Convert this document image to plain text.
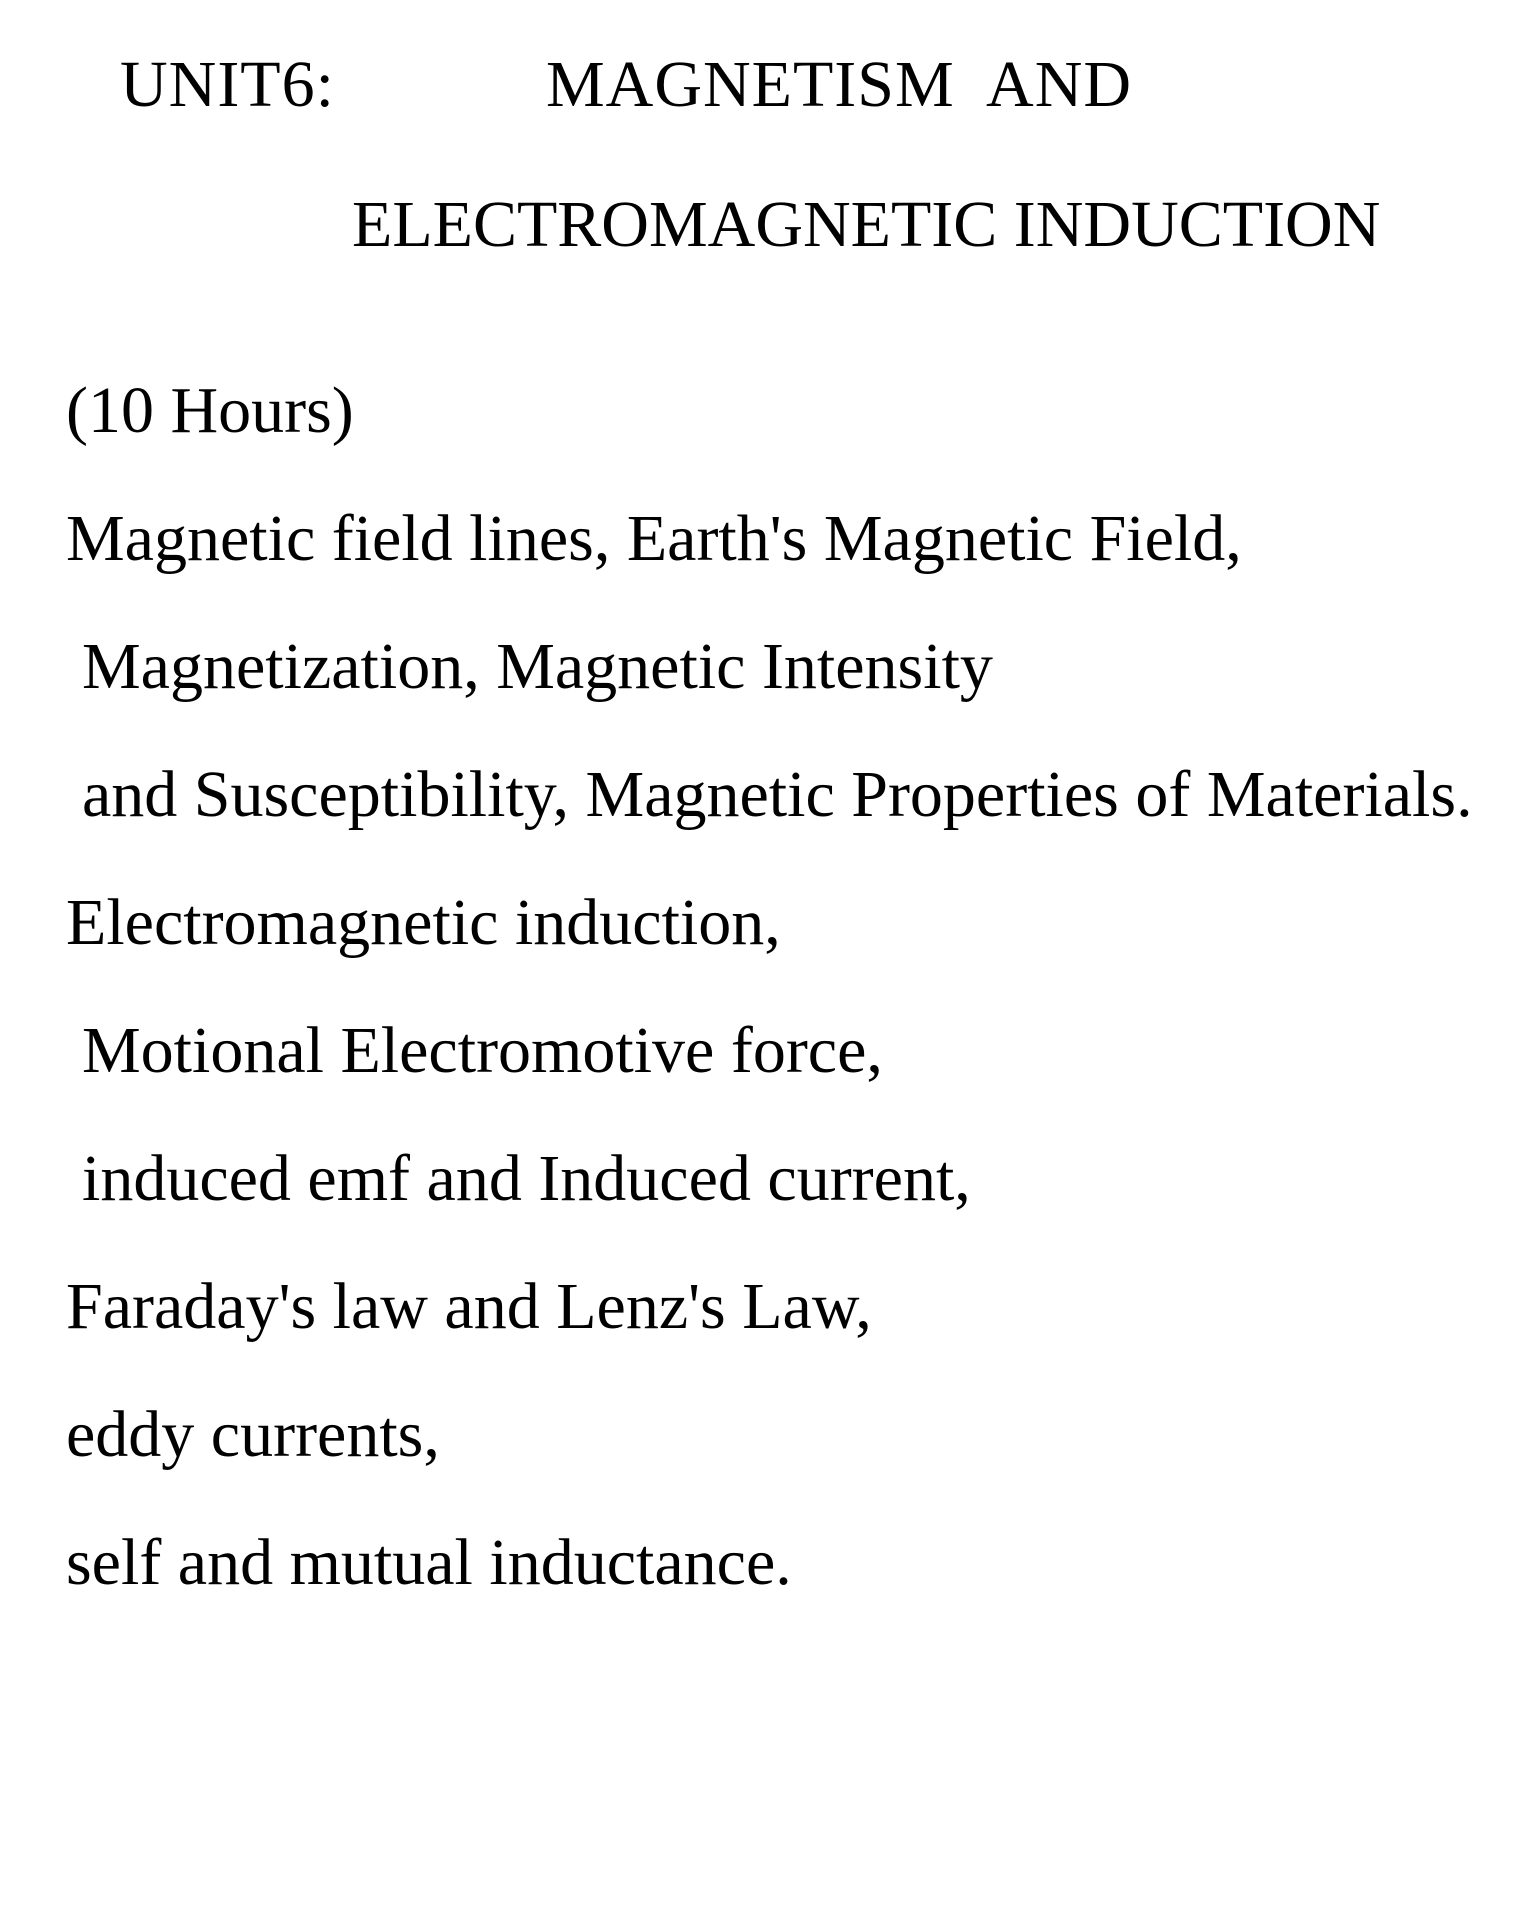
UNIT6:	MAGNETISM  AND
ELECTROMAGNETIC INDUCTION
(10 Hours)
Magnetic field lines, Earth's Magnetic Field,
Magnetization, Magnetic Intensity
and Susceptibility, Magnetic Properties of Materials.
Electromagnetic induction,
Motional Electromotive force,
induced emf and Induced current,
Faraday's law and Lenz's Law,
eddy currents,
self and mutual inductance.
